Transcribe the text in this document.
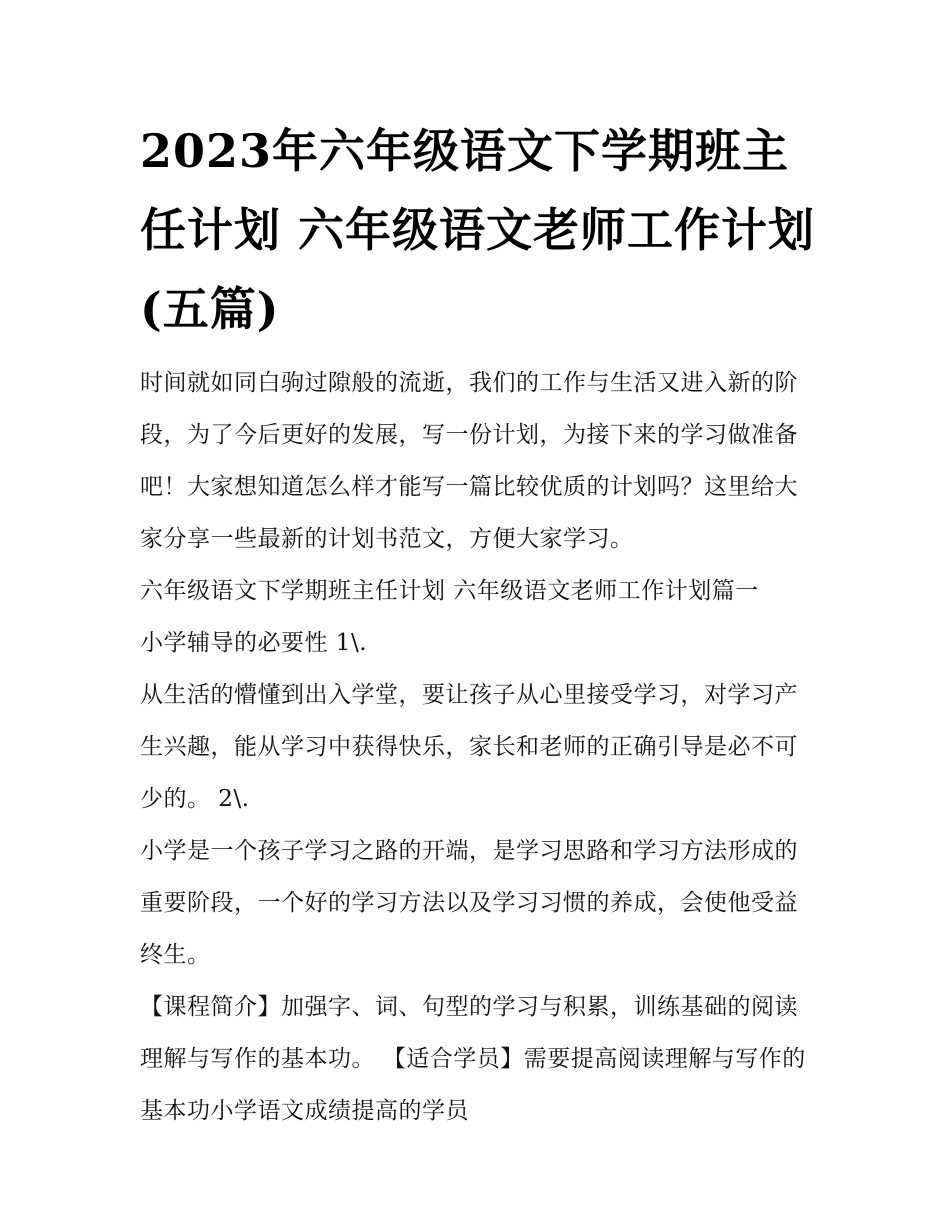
2023年六年级语文下学期班主任计划 六年级语文老师工作计划(五篇)

时间就如同白驹过隙般的流逝，我们的工作与生活又进入新的阶段，为了今后更好的发展，写一份计划，为接下来的学习做准备吧！大家想知道怎么样才能写一篇比较优质的计划吗？这里给大家分享一些最新的计划书范文，方便大家学习。

六年级语文下学期班主任计划 六年级语文老师工作计划篇一

小学辅导的必要性 1\.

从生活的懵懂到出入学堂，要让孩子从心里接受学习，对学习产生兴趣，能从学习中获得快乐，家长和老师的正确引导是必不可少的。 2\.

小学是一个孩子学习之路的开端，是学习思路和学习方法形成的重要阶段，一个好的学习方法以及学习习惯的养成，会使他受益终生。

【课程简介】加强字、词、句型的学习与积累，训练基础的阅读理解与写作的基本功。 【适合学员】需要提高阅读理解与写作的基本功小学语文成绩提高的学员
